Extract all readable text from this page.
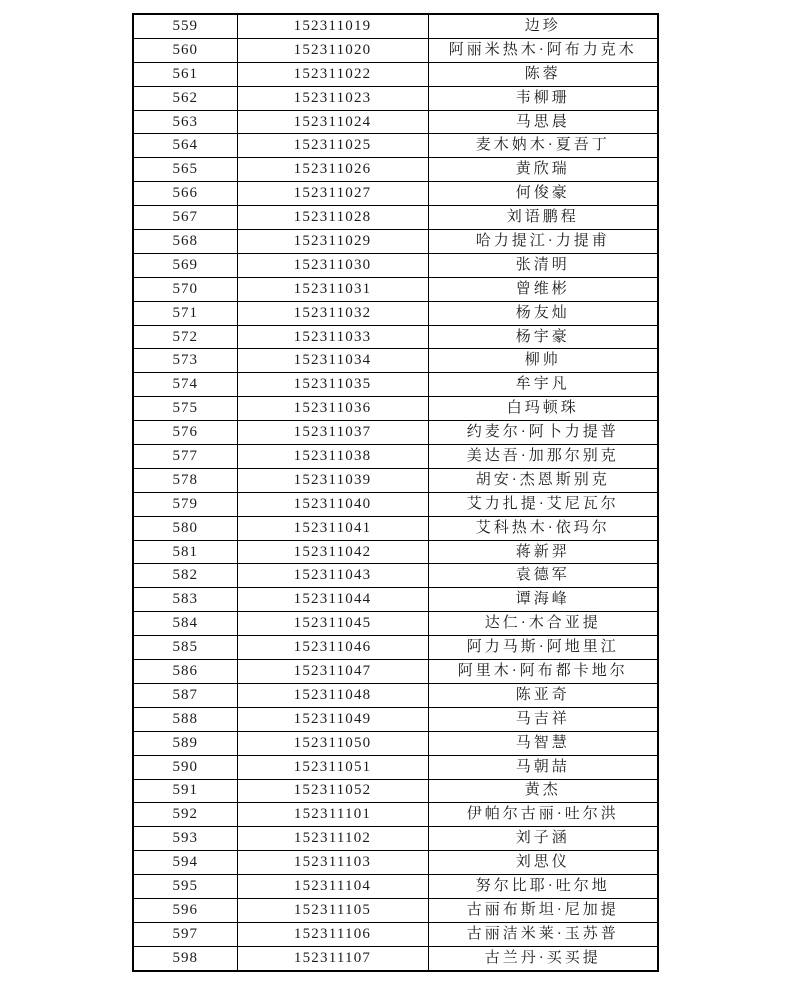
559	152311019	边珍
560	152311020	阿丽米热木·阿布力克木
561	152311022	陈蓉
562	152311023	韦柳珊
563	152311024	马思晨
564	152311025	麦木妠木·夏吾丁
565	152311026	黄欣瑞
566	152311027	何俊豪
567	152311028	刘语鹏程
568	152311029	哈力提江·力提甫
569	152311030	张清明
570	152311031	曾维彬
571	152311032	杨友灿
572	152311033	杨宇豪
573	152311034	柳帅
574	152311035	牟宇凡
575	152311036	白玛顿珠
576	152311037	约麦尔·阿卜力提普
577	152311038	美达吾·加那尔别克
578	152311039	胡安·杰恩斯别克
579	152311040	艾力扎提·艾尼瓦尔
580	152311041	艾科热木·依玛尔
581	152311042	蒋新羿
582	152311043	袁德军
583	152311044	谭海峰
584	152311045	达仁·木合亚提
585	152311046	阿力马斯·阿地里江
586	152311047	阿里木·阿布都卡地尔
587	152311048	陈亚奇
588	152311049	马吉祥
589	152311050	马智慧
590	152311051	马朝喆
591	152311052	黄杰
592	152311101	伊帕尔古丽·吐尔洪
593	152311102	刘子涵
594	152311103	刘思仪
595	152311104	努尔比耶·吐尔地
596	152311105	古丽布斯坦·尼加提
597	152311106	古丽洁米莱·玉苏普
598	152311107	古兰丹·买买提
